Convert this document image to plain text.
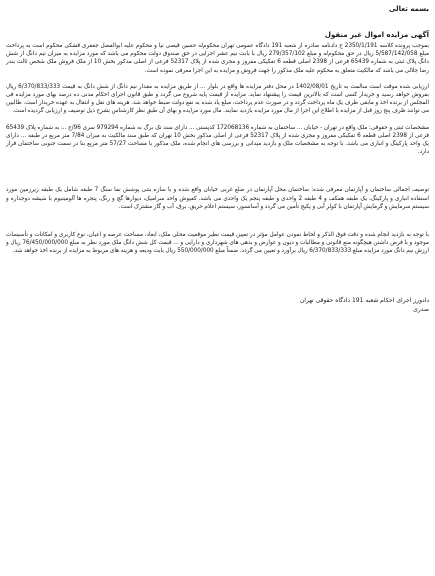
بسمه تعالی
آگهی مزایده اموال غیر منقول

بموجب پرونده کلاسه 2350/1/191 ج دادنامه صادره از شعبه 191 دادگاه عمومی تهران محکوم‌له حسین قیصی نیا و محکوم علیه ابوالفضل جعفری قشکی محکوم است به پرداخت مبلغ 5/587/142/058 ریال در حق محکوم‌له و مبلغ 279/357/102 ریال با بابت نیم عشر اجرایی در حق صندوق دولت محکوم می باشد که مورد مزایده به میزان نیم دانگ از شش دانگ پلاک ثبتی به شماره 65439 فرعی از 2398 اصلی قطعه 6 تفکیکی مفروز و مجزی شده از پلاک 52317 فرعی از اصلی مذکور بخش 10 از ملک فروش ملک شخص ثالث بندر رضا جلالی می باشد که مالکیت متعلق به محکوم علیه ملک مذکور را جهت فروش و مزایده به این اجرا معرفی نموده است.

ارزیابی شده موقت است سالمت به تاریخ 1402/08/01 در محل دفتر مزایده ها واقع در بلوار ... از طریق مزایده به مقدار نیم دانگ از شش دانگ به قیمت 6/370/833/333 ریال بفروش خواهد رسید و خریدار کسی است که بالاترین قیمت را پیشنهاد نماید. مزایده از قیمت پایه شروع می گردد و طبق قانون اجرای احکام مدنی ده درصد بهای مورد مزایده فی المجلس از برنده اخذ و مابقی ظرف یک ماه پرداخت گردد و در صورت عدم پرداخت، مبلغ یاد شده به نفع دولت ضبط خواهد شد. هزینه های نقل و انتقال به عهده خریدار است. طالبین می توانند ظرف پنج روز قبل از مزایده با اطلاع این اجرا از مال مورد مزایده بازدید نمایند. مال مورد مزایده و بهای آن طبق نظر کارشناس بشرح ذیل توصیف و ارزیابی گردیده است.

مشخصات ثبتی و حقوقی: ملک واقع در تهران - خیابان ... ساختمان به شماره 172068136 کدپستی ... دارای سند تک برگ به شماره 979294 سری 96/ج ... به شماره پلاک 65439 فرعی از 2398 اصلی قطعه 6 تفکیکی مفروز و مجزی شده از پلاک 52317 فرعی از اصلی مذکور بخش 10 تهران که طبق سند مالکیت به میزان 7/84 متر مربع در طبقه ... دارای یک واحد پارکینگ و انباری می باشد. با توجه به مشخصات ملک و بازدید میدانی و بررسی های انجام شده، ملک مذکور با مساحت 57/27 متر مربع بنا در سمت جنوبی ساختمان قرار دارد.

توصیف اجمالی ساختمان و آپارتمان معرفی شده: ساختمان محل آپارتمان در ضلع غربی خیابان واقع شده و با سازه بتنی پوشش نما سنگ 7 طبقه شامل یک طبقه زیرزمین مورد استفاده انباری و پارکینگ، یک طبقه همکف و 4 طبقه 2 واحدی و طبقه پنجم یک واحدی می باشد. کفپوش واحد سرامیک، دیوارها گچ و رنگ، پنجره ها آلومینیوم با شیشه دوجداره و سیستم سرمایش و گرمایش آپارتمان با کولر آبی و پکیج تأمین می گردد و آسانسور، سیستم اعلام حریق، برق، آب و گاز مشترک است.

با توجه به بازدید انجام شده و دقت فوق الذکر و لحاظ نمودن عوامل مؤثر در تعیین قیمت نظیر موقعیت محلی ملک، ابعاد، مساحت عرصه و اعیان، نوع کاربری و امکانات و تأسیسات موجود و با فرض داشتن هیچگونه منع قانونی و مطالبات و دیون و عوارض و بدهی های شهرداری و دارایی و ... قیمت کل شش دانگ ملک مورد نظر به مبلغ 76/450/000/000 ریال و ارزش نیم دانگ مورد مزایده مبلغ 6/370/833/333 ریال برآورد و تعیین می گردد. ضمناً مبلغ 550/000/000 ریال بابت ودیعه و هزینه های مربوط به مزایده از برنده اخذ خواهد شد.

دادورز اجرای احکام شعبه 191 دادگاه حقوقی تهران
صدری
